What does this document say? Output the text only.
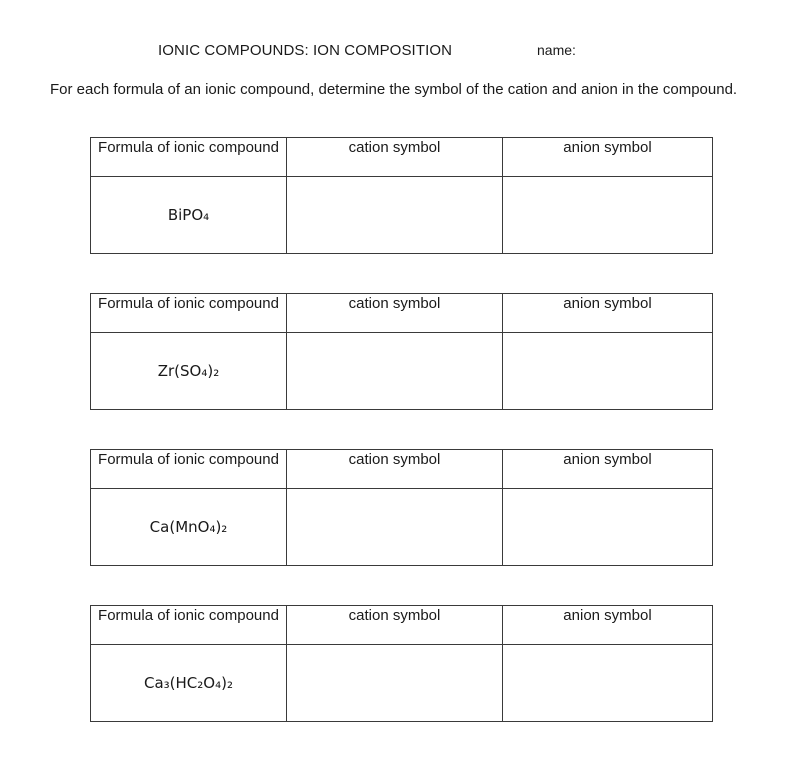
IONIC COMPOUNDS: ION COMPOSITION	name:
For each formula of an ionic compound, determine the symbol of the cation and anion in the compound.
Formula of ionic compound	cation symbol	anion symbol
BiPO₄		
Formula of ionic compound	cation symbol	anion symbol
Zr(SO₄)₂		
Formula of ionic compound	cation symbol	anion symbol
Ca(MnO₄)₂		
Formula of ionic compound	cation symbol	anion symbol
Ca₃(HC₂O₄)₂		
